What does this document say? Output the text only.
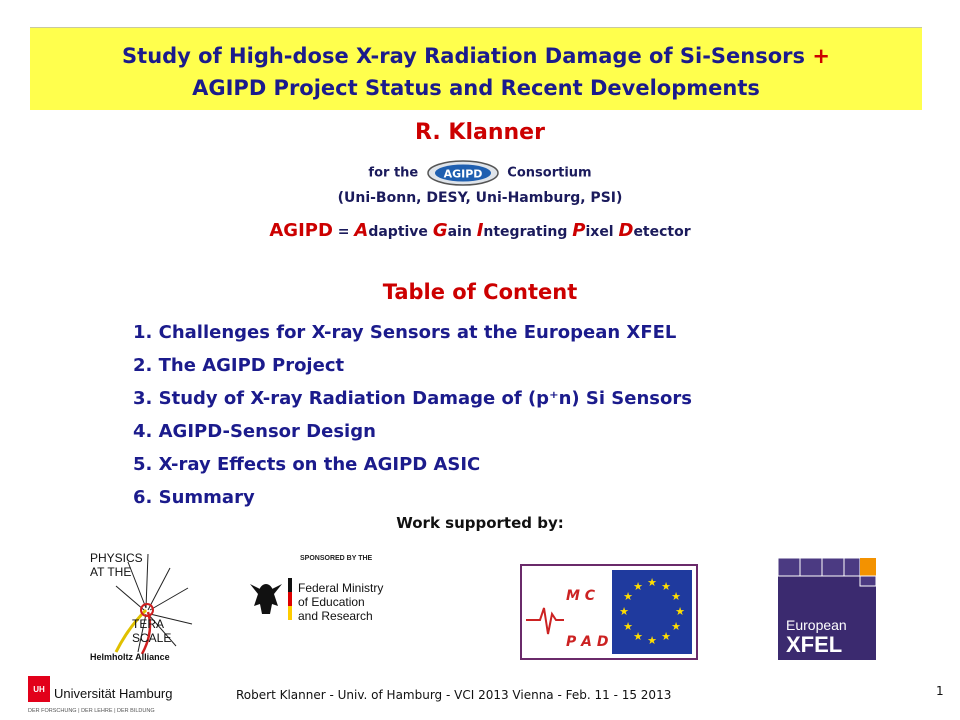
Study of High-dose X-ray Radiation Damage of Si-Sensors +
AGIPD Project Status and Recent Developments
R. Klanner
for the AGIPD Consortium
(Uni-Bonn, DESY, Uni-Hamburg, PSI)
AGIPD = Adaptive Gain Integrating Pixel Detector
Table of Content
1. Challenges for X-ray Sensors at the European XFEL
2. The AGIPD Project
3. Study of X-ray Radiation Damage of (p⁺n) Si Sensors
4. AGIPD-Sensor Design
5. X-ray Effects on the AGIPD ASIC
6. Summary
Work supported by:
PHYSICS
AT THE
TERA
SCALE
Helmholtz Alliance
SPONSORED BY THE
Federal Ministry
of Education
and Research
M C
P A D
★ ★
★
★
★
★
★
★
★
★
★
★
European
XFEL
UH Universität Hamburg
DER FORSCHUNG | DER LEHRE | DER BILDUNG
Robert Klanner - Univ. of Hamburg - VCI 2013 Vienna - Feb. 11 - 15 2013	1
